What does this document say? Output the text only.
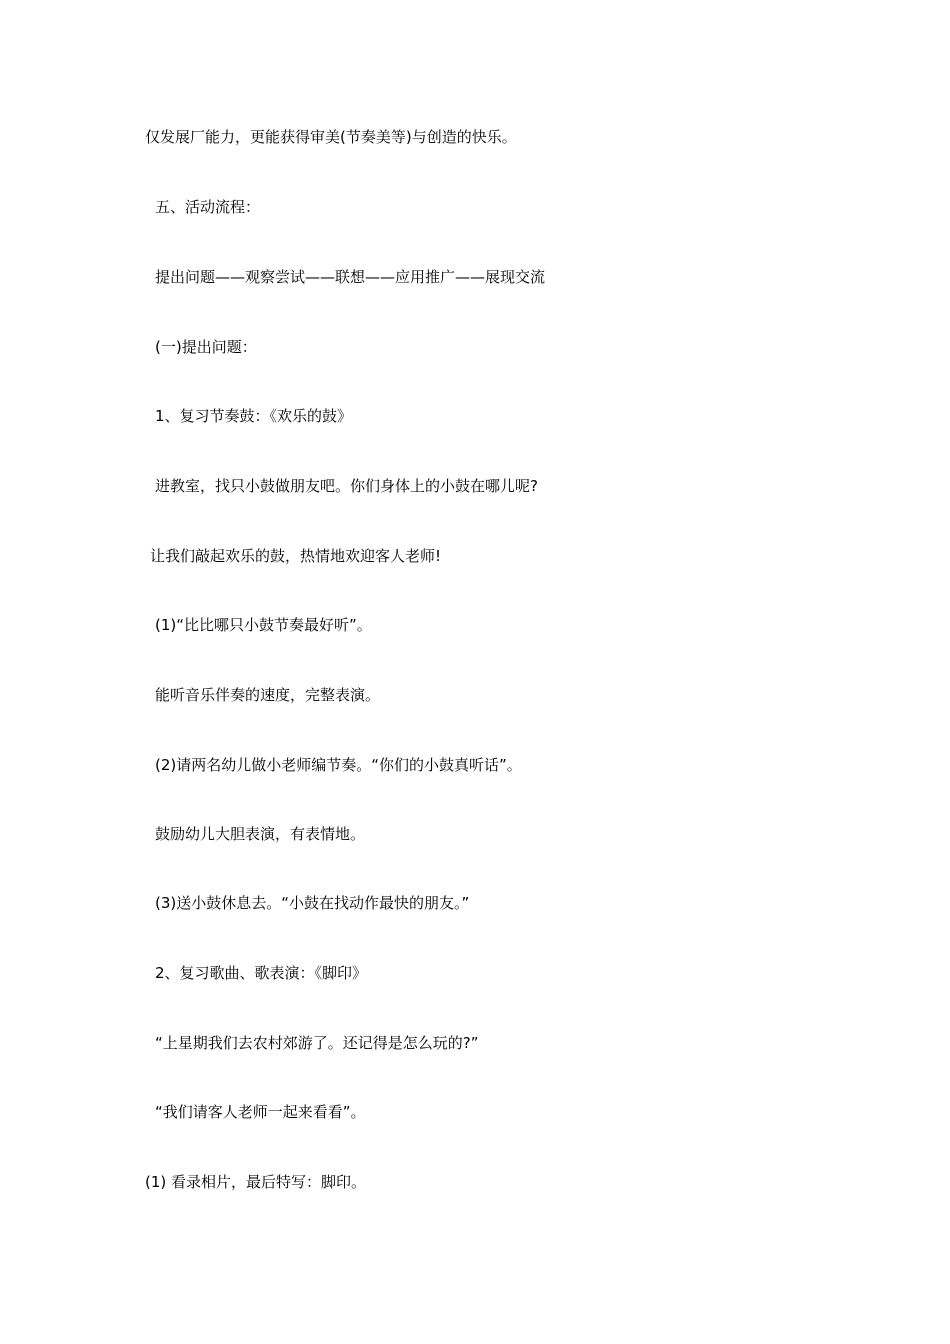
仅发展厂能力，更能获得审美(节奏美等)与创造的快乐。
五、活动流程：
提出问题——观察尝试——联想——应用推广——展现交流
(一)提出问题：
1、复习节奏鼓：《欢乐的鼓》
进教室，找只小鼓做朋友吧。你们身体上的小鼓在哪儿呢?
让我们敲起欢乐的鼓，热情地欢迎客人老师!
(1)“比比哪只小鼓节奏最好听”。
能听音乐伴奏的速度，完整表演。
(2)请两名幼儿做小老师编节奏。“你们的小鼓真听话”。
鼓励幼儿大胆表演，有表情地。
(3)送小鼓休息去。“小鼓在找动作最快的朋友。”
2、复习歌曲、歌表演：《脚印》
“上星期我们去农村郊游了。还记得是怎么玩的?”
“我们请客人老师一起来看看”。
(1) 看录相片，最后特写：脚印。
